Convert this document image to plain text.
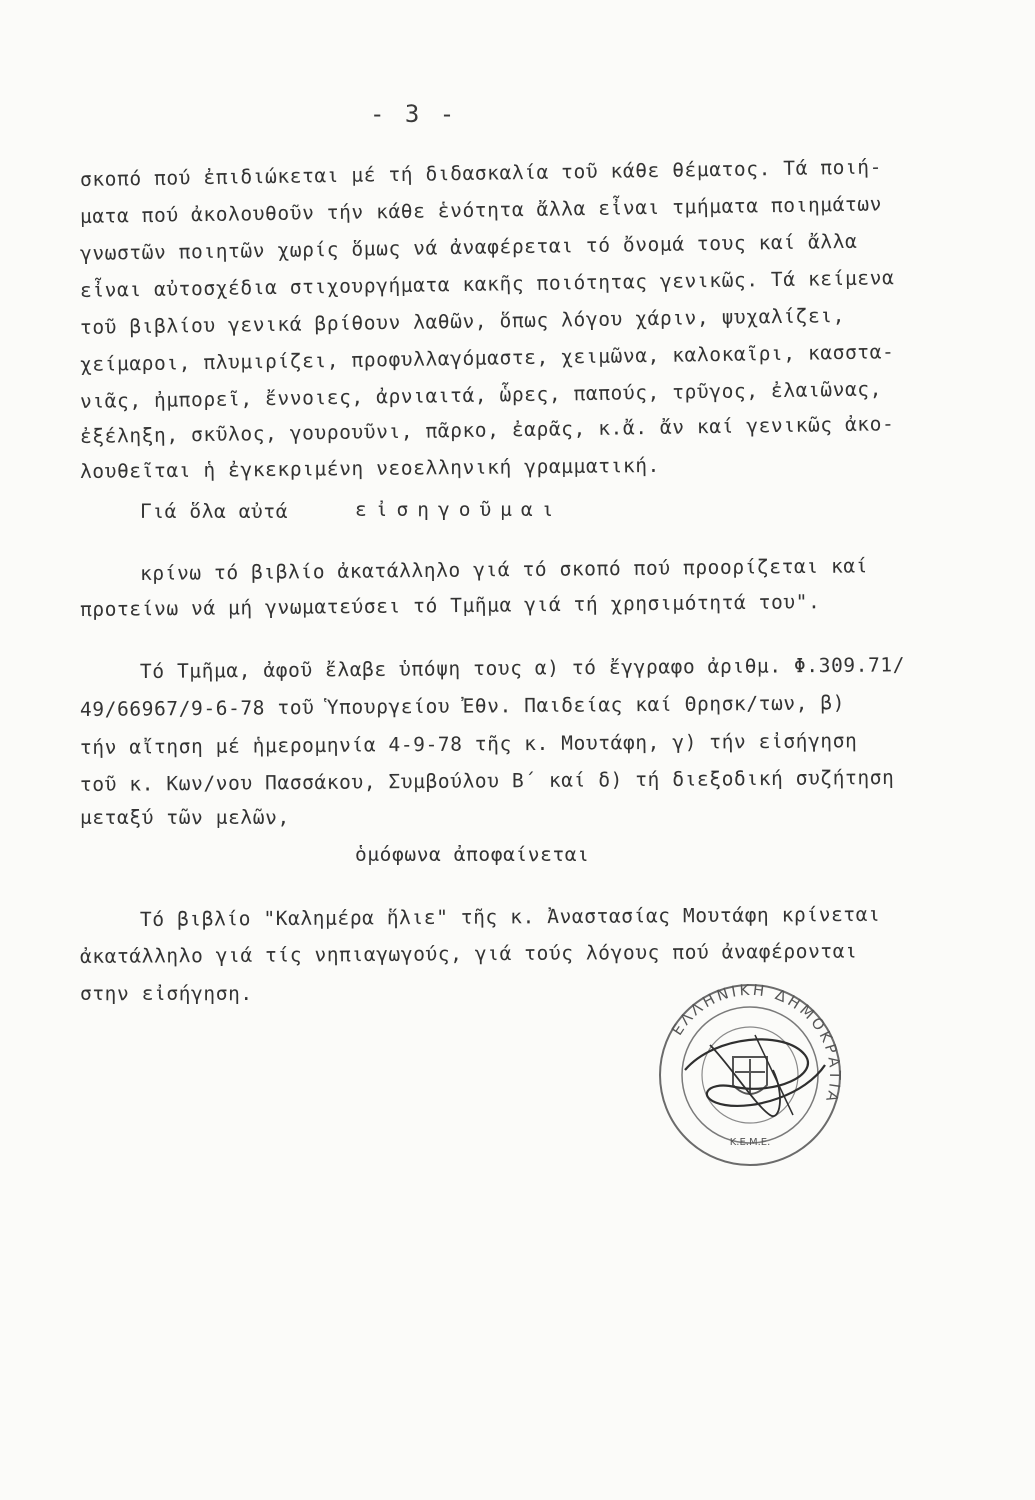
- 3 -
σκοπό πού ἐπιδιώκεται μέ τή διδασκαλία τοῦ κάθε θέματος. Τά ποιή-
ματα πού ἀκολουθοῦν τήν κάθε ἑνότητα ἄλλα εἶναι τμήματα ποιημάτων
γνωστῶν ποιητῶν χωρίς ὅμως νά ἀναφέρεται τό ὄνομά τους καί ἄλλα
εἶναι αὐτοσχέδια στιχουργήματα κακῆς ποιότητας γενικῶς. Τά κείμενα
τοῦ βιβλίου γενικά βρίθουν λαθῶν, ὅπως λόγου χάριν, ψυχαλίζει,
χείμαροι, πλυμιρίζει, προφυλλαγόμαστε, χειμῶνα, καλοκαῖρι, κασστα-
νιᾶς, ἠμπορεῖ, ἔννοιες, ἀρνιαιτά, ὧρες, παπούς, τρῦγος, ἐλαιῶνας,
ἐξέληξη, σκῦλος, γουρουῦνι, πᾶρκο, ἐαρᾶς, κ.ἄ. ἄν καί γενικῶς ἀκο-
λουθεῖται ἡ ἐγκεκριμένη νεοελληνική γραμματική.
Γιά ὅλα αὐτά	εἰσηγοῦμαι
κρίνω τό βιβλίο ἀκατάλληλο γιά τό σκοπό πού προορίζεται καί
προτείνω νά μή γνωματεύσει τό Τμῆμα γιά τή χρησιμότητά του".
Τό Τμῆμα, ἀφοῦ ἔλαβε ὑπόψη τους α) τό ἔγγραφο ἀριθμ. Φ.309.71/
49/66967/9-6-78 τοῦ Ὑπουργείου Ἐθν. Παιδείας καί Θρησκ/των, β)
τήν αἴτηση μέ ἡμερομηνία 4-9-78 τῆς κ. Μουτάφη, γ) τήν εἰσήγηση
τοῦ κ. Κων/νου Πασσάκου, Συμβούλου Β΄ καί δ) τή διεξοδική συζήτηση
μεταξύ τῶν μελῶν,
ὁμόφωνα ἀποφαίνεται
Τό βιβλίο "Καλημέρα ἥλιε" τῆς κ. Ἀναστασίας Μουτάφη κρίνεται
ἀκατάλληλο γιά τίς νηπιαγωγούς, γιά τούς λόγους πού ἀναφέρονται
στην εἰσήγηση.
ΕΛΛΗΝΙΚΗ ΔΗΜΟΚΡΑΤΙΑ
Κ.Ε.Μ.Ε.
